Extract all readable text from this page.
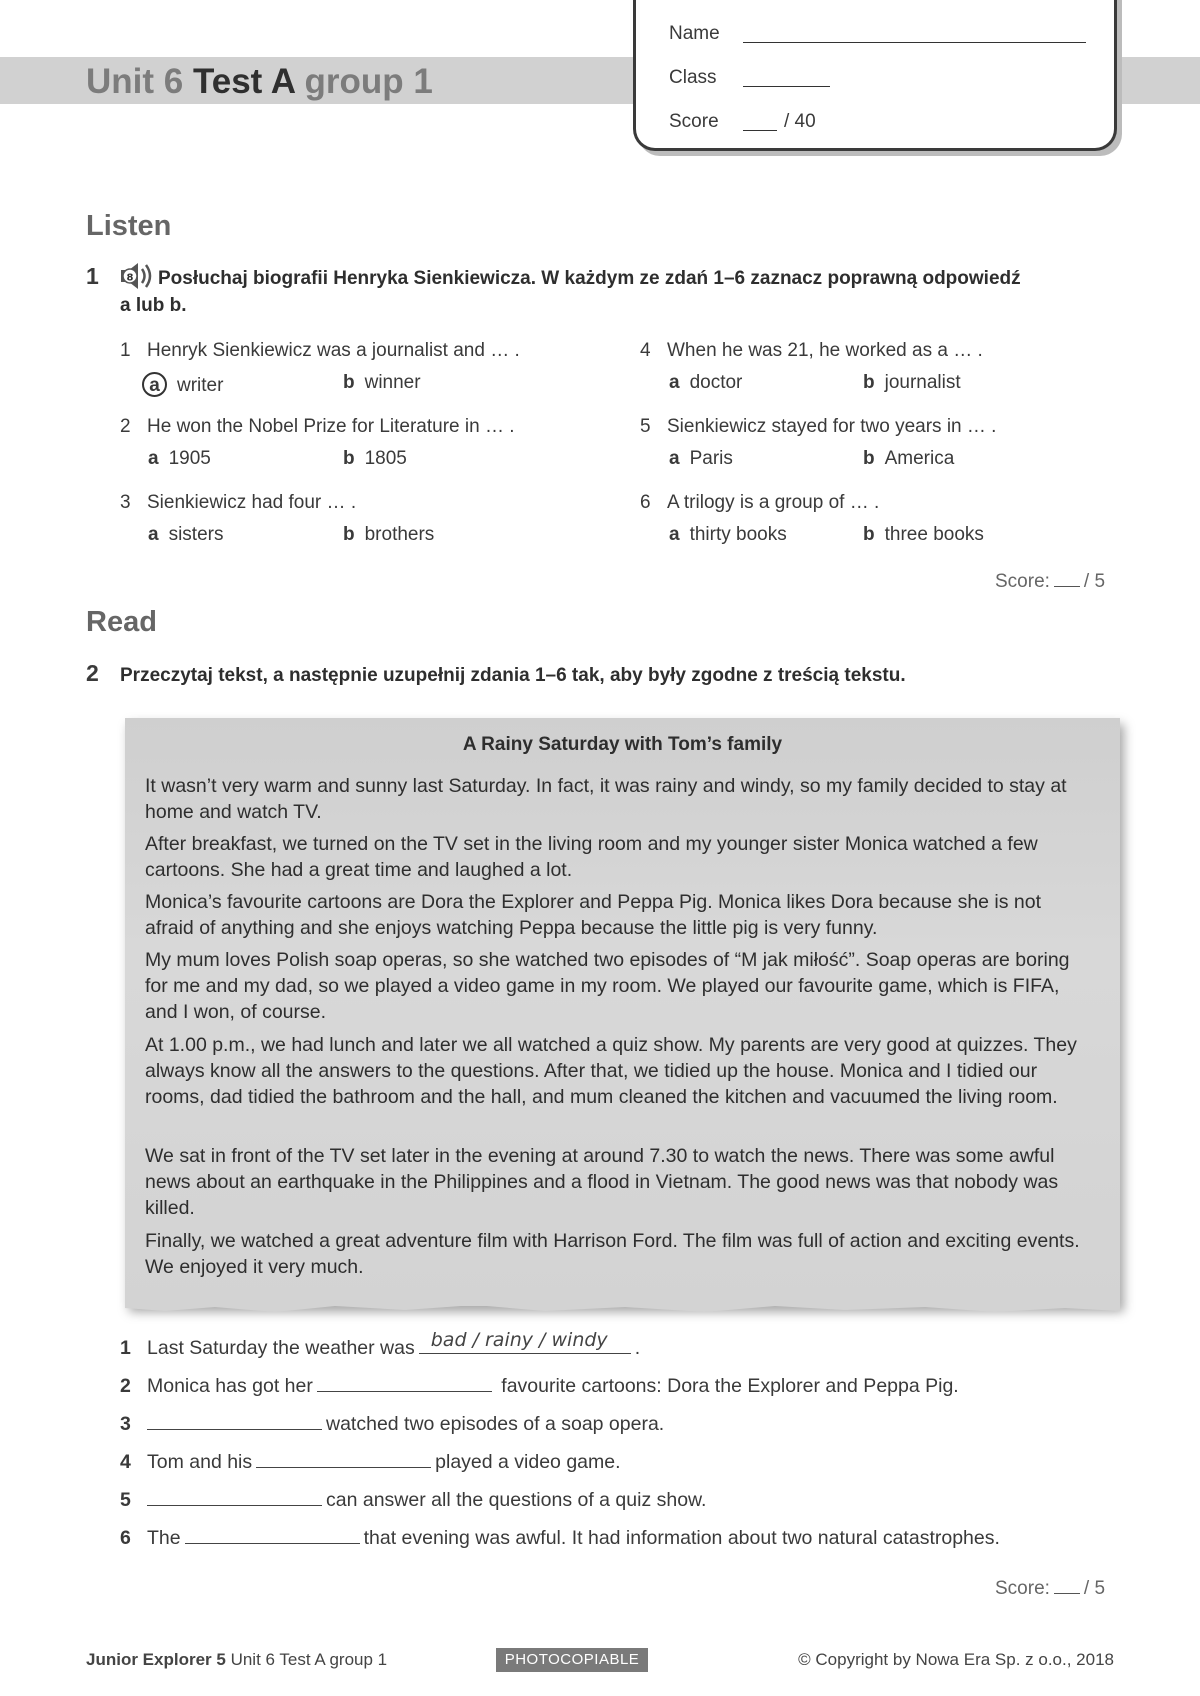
Unit 6 Test A group 1
Name
Class
Score	/ 40
Listen
1	8 Posłuchaj biografii Henryka Sienkiewicza. W każdym ze zdań 1–6 zaznacz poprawną odpowiedź
a lub b.
1 Henryk Sienkiewicz was a journalist and … .
a writer	b winner
2 He won the Nobel Prize for Literature in … .
a 1905	b 1805
3 Sienkiewicz had four … .
a sisters	b brothers
4 When he was 21, he worked as a … .
a doctor	b journalist
5 Sienkiewicz stayed for two years in … .
a Paris	b America
6 A trilogy is a group of … .
a thirty books	b three books
Score: / 5
Read
2 Przeczytaj tekst, a następnie uzupełnij zdania 1–6 tak, aby były zgodne z treścią tekstu.
A Rainy Saturday with Tom’s family
It wasn’t very warm and sunny last Saturday. In fact, it was rainy and windy, so my family decided to stay at home and watch TV.
After breakfast, we turned on the TV set in the living room and my younger sister Monica watched a few cartoons. She had a great time and laughed a lot.
Monica’s favourite cartoons are Dora the Explorer and Peppa Pig. Monica likes Dora because she is not afraid of anything and she enjoys watching Peppa because the little pig is very funny.
My mum loves Polish soap operas, so she watched two episodes of “M jak miłość”. Soap operas are boring for me and my dad, so we played a video game in my room. We played our favourite game, which is FIFA, and I won, of course.
At 1.00 p.m., we had lunch and later we all watched a quiz show. My parents are very good at quizzes. They always know all the answers to the questions. After that, we tidied up the house. Monica and I tidied our rooms, dad tidied the bathroom and the hall, and mum cleaned the kitchen and vacuumed the living room.
We sat in front of the TV set later in the evening at around 7.30 to watch the news. There was some awful news about an earthquake in the Philippines and a flood in Vietnam. The good news was that nobody was killed.
Finally, we watched a great adventure film with Harrison Ford. The film was full of action and exciting events. We enjoyed it very much.
1 Last Saturday the weather was bad / rainy / windy .
2 Monica has got her	favourite cartoons: Dora the Explorer and Peppa Pig.
3	watched two episodes of a soap opera.
4 Tom and his	played a video game.
5	can answer all the questions of a quiz show.
6 The	that evening was awful. It had information about two natural catastrophes.
Score: / 5
Junior Explorer 5 Unit 6 Test A group 1	PHOTOCOPIABLE	© Copyright by Nowa Era Sp. z o.o., 2018
